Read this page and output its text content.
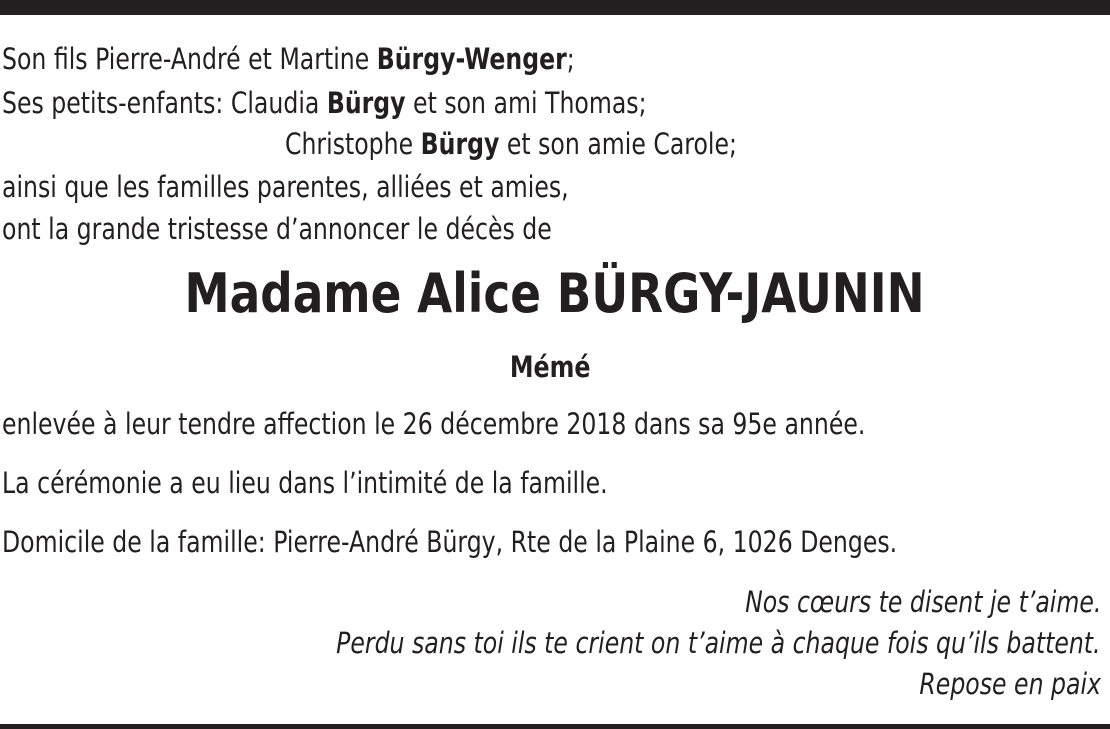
Son fils Pierre-André et Martine Bürgy-Wenger;
Ses petits-enfants: Claudia Bürgy et son ami Thomas;
Christophe Bürgy et son amie Carole;
ainsi que les familles parentes, alliées et amies,
ont la grande tristesse d’annoncer le décès de
Madame Alice BÜRGY-JAUNIN
Mémé
enlevée à leur tendre affection le 26 décembre 2018 dans sa 95e année.
La cérémonie a eu lieu dans l’intimité de la famille.
Domicile de la famille: Pierre-André Bürgy, Rte de la Plaine 6, 1026 Denges.
Nos cœurs te disent je t’aime.
Perdu sans toi ils te crient on t’aime à chaque fois qu’ils battent.
Repose en paix
